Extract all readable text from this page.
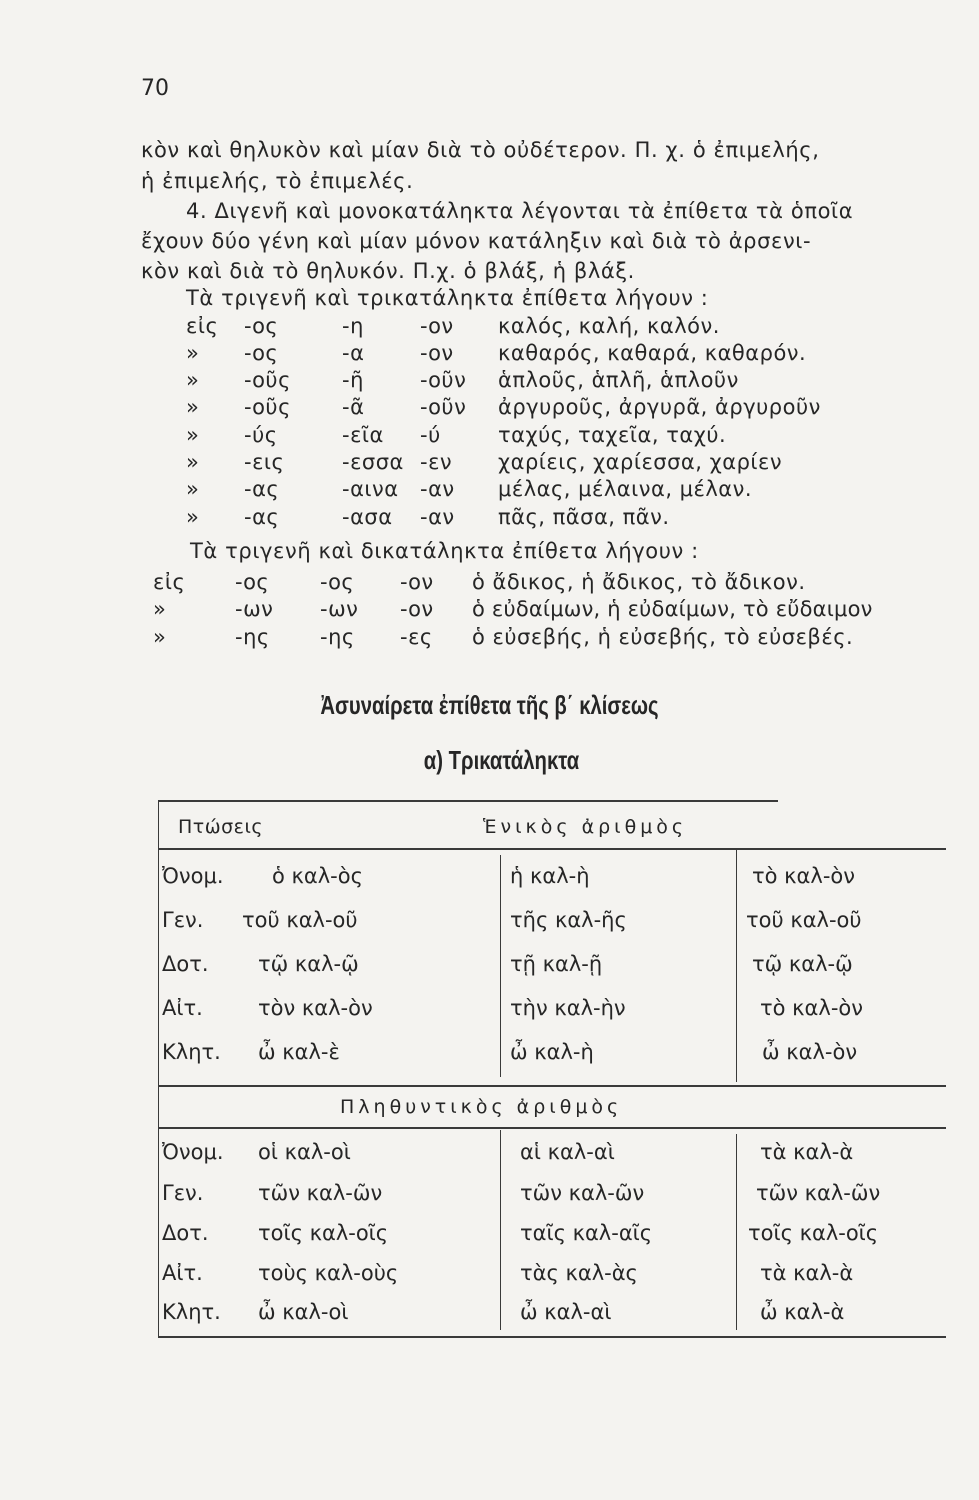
70
κὸν καὶ θηλυκὸν καὶ μίαν διὰ τὸ οὐδέτερον. Π. χ. ὁ ἐπιμελής,
ἡ ἐπιμελής, τὸ ἐπιμελές.
4. Διγενῆ καὶ μονοκατάληκτα λέγονται τὰ ἐπίθετα τὰ ὁποῖα
ἔχουν δύο γένη καὶ μίαν μόνον κατάληξιν καὶ διὰ τὸ ἀρσενι-
κὸν καὶ διὰ τὸ θηλυκόν. Π.χ. ὁ βλάξ, ἡ βλάξ.
Τὰ τριγενῆ καὶ τρικατάληκτα ἐπίθετα λήγουν :
εἰς -ος	-η	-ον καλός, καλή, καλόν.
» -ος	-α	-ον καθαρός, καθαρά, καθαρόν.
» -οῦς -ῆ	-οῦν ἁπλοῦς, ἁπλῆ, ἁπλοῦν
» -οῦς -ᾶ	-οῦν ἀργυροῦς, ἀργυρᾶ, ἀργυροῦν
» -ύς	-εῖα -ύ	ταχύς, ταχεῖα, ταχύ.
» -εις	-εσσα -εν χαρίεις, χαρίεσσα, χαρίεν
» -ας	-αινα -αν μέλας, μέλαινα, μέλαν.
» -ας	-ασα -αν πᾶς, πᾶσα, πᾶν.
Τὰ τριγενῆ καὶ δικατάληκτα ἐπίθετα λήγουν :
εἰς -ος -ος -ον ὁ ἄδικος, ἡ ἄδικος, τὸ ἄδικον.
»	-ων -ων -ον ὁ εὐδαίμων, ἡ εὐδαίμων, τὸ εὔδαιμον
»	-ης -ης -ες ὁ εὐσεβής, ἡ εὐσεβής, τὸ εὐσεβές.
Ἀσυναίρετα ἐπίθετα τῆς β΄ κλίσεως
α) Τρικατάληκτα
Πτώσεις	Ἑνικὸς ἀριθμὸς
Πληθυντικὸς ἀριθμὸς
Ὀνομ. ὁ καλ-ὸς	ἡ καλ-ὴ	τὸ καλ-ὸν
Γεν. τοῦ καλ-οῦ	τῆς καλ-ῆς	τοῦ καλ-οῦ
Δοτ. τῷ καλ-ῷ	τῇ καλ-ῇ	τῷ καλ-ῷ
Αἰτ.	τὸν καλ-ὸν	τὴν καλ-ὴν	τὸ καλ-ὸν
Κλητ. ὦ καλ-ὲ	ὦ καλ-ὴ	ὦ καλ-ὸν
Ὀνομ. οἱ καλ-οὶ	αἱ καλ-αὶ	τὰ καλ-ὰ
Γεν.	τῶν καλ-ῶν	τῶν καλ-ῶν	τῶν καλ-ῶν
Δοτ. τοῖς καλ-οῖς	ταῖς καλ-αῖς	τοῖς καλ-οῖς
Αἰτ.	τοὺς καλ-οὺς	τὰς καλ-ὰς	τὰ καλ-ὰ
Κλητ. ὦ καλ-οὶ	ὦ καλ-αὶ	ὦ καλ-ὰ
